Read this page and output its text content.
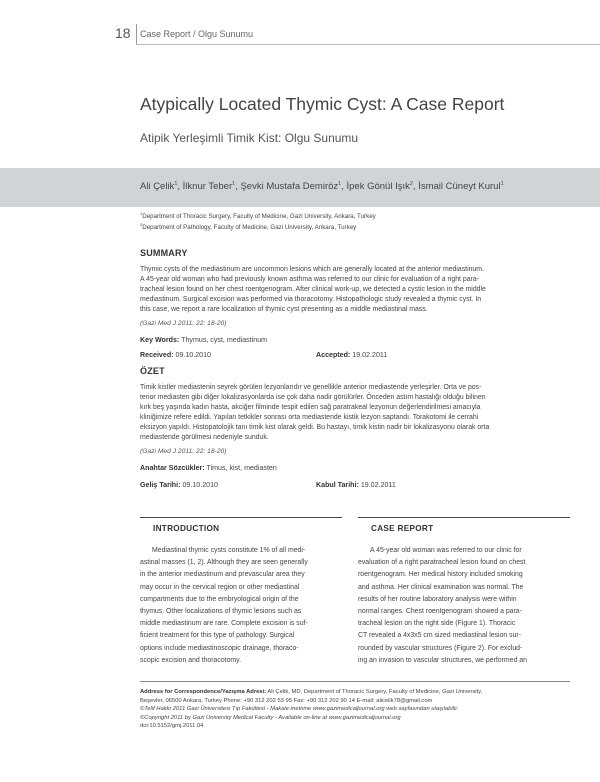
18 Case Report / Olgu Sunumu
Atypically Located Thymic Cyst: A Case Report
Atipik Yerleşimli Timik Kist: Olgu Sunumu
Ali Çelik$^1$, İlknur Teber$^1$, Şevki Mustafa Demiröz$^1$, İpek Gönül Işık$^2$, İsmail Cüneyt Kurul$^1$
$^1$Department of Thoracic Surgery, Faculty of Medicine, Gazi University, Ankara, Turkey
$^2$Department of Pathology, Faculty of Medicine, Gazi University, Ankara, Turkey
SUMMARY
Thymic cysts of the mediastinum are uncommon lesions which are generally located at the anterior mediastinum.
A 45-year old woman who had previously known asthma was referred to our clinic for evaluation of a right para-
tracheal lesion found on her chest roentgenogram. After clinical work-up, we detected a cystic lesion in the middle
mediastinum. Surgical excision was performed via thoracotomy. Histopathologic study revealed a thymic cyst. In
this case, we report a rare localization of thymic cyst presenting as a middle mediastinal mass.
(Gazi Med J 2011; 22: 18-20)
Key Words: Thymus, cyst, mediastinum
Received: 09.10.2010	Accepted: 19.02.2011
ÖZET
Timik kistler mediastenin seyrek görülen lezyonlarıdır ve genellikle anterior mediastende yerleşirler. Orta ve pos-
terior mediasten gibi diğer lokalizasyonlarda ise çok daha nadir görülürler. Önceden astım hastalığı olduğu bilinen
kırk beş yaşında kadın hasta, akciğer filminde tespit edilen sağ paratrakeal lezyonun değerlendirilmesi amacıyla
kliniğimize refere edildi. Yapılan tetkikler sonrası orta mediastende kistik lezyon saptandı. Torakotomi ile cerrahi
eksizyon yapıldı. Histopatolojik tanı timik kist olarak geldi. Bu hastayı, timik kistin nadir bir lokalizasyonu olarak orta
mediastende görülmesi nedeniyle sunduk.
(Gazi Med J 2011; 22: 18-20)
Anahtar Sözcükler: Timus, kist, mediasten
Geliş Tarihi: 09.10.2010	Kabul Tarihi: 19.02.2011
INTRODUCTION
Mediastinal thymic cysts constitute 1% of all medi-
astinal masses (1, 2). Although they are seen generally
in the anterior mediastinum and prevascular area they
may occur in the cervical region or other mediastinal
compartments due to the embryological origin of the
thymus. Other localizations of thymic lesions such as
middle mediastinum are rare. Complete excision is suf-
ficient treatment for this type of pathology. Surgical
options include mediastinoscopic drainage, thoraco-
scopic excision and thoracotomy.
CASE REPORT
A 45-year old woman was referred to our clinic for
evaluation of a right paratracheal lesion found on chest
roentgenogram. Her medical history included smoking
and asthma. Her clinical examination was normal. The
results of her routine laboratory analysis were within
normal ranges. Chest roentgenogram showed a para-
tracheal lesion on the right side (Figure 1). Thoracic
CT revealed a 4x3x5 cm sized mediastinal lesion sur-
rounded by vascular structures (Figure 2). For exclud-
ing an invasion to vascular structures, we performed an
Address for Correspondence/Yazışma Adresi: Ali Çelik, MD, Department of Thoracic Surgery, Faculty of Medicine, Gazi University,
Beşevler, 06500 Ankara, Turkey Phone: +90 312 202 53 95 Fax: +90 312 202 90 14 E-mail: alicelik78@gmail.com
©Telif Hakkı 2011 Gazi Üniversitesi Tıp Fakültesi - Makale metnine www.gazimedicaljournal.org web sayfasından ulaşılabilir.
©Copyright 2011 by Gazi University Medical Faculty - Available on-line at www.gazimedicaljournal.org
doi:10.5152/gmj.2011.04
